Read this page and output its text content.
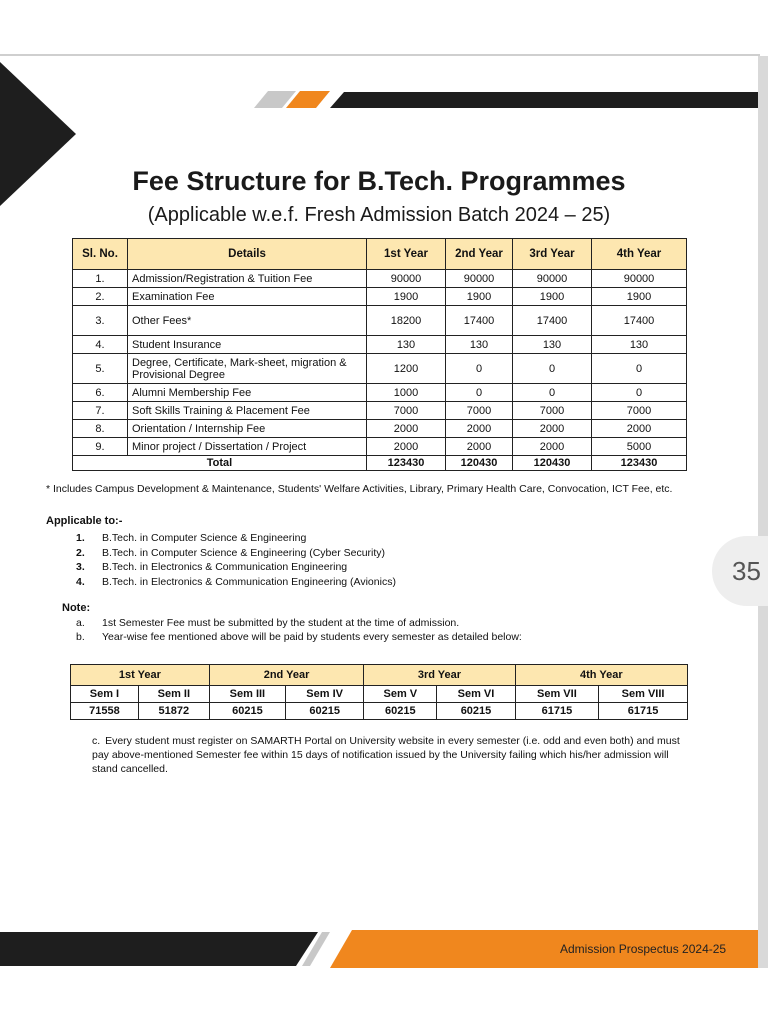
Fee Structure for B.Tech. Programmes
(Applicable w.e.f. Fresh Admission Batch 2024 – 25)
Sl. No.	Details	1st Year	2nd Year	3rd Year	4th Year
1.	Admission/Registration & Tuition Fee	90000	90000	90000	90000
2.	Examination Fee	1900	1900	1900	1900
3.	Other Fees*	18200	17400	17400	17400
4.	Student Insurance	130	130	130	130
5.	Degree, Certificate, Mark-sheet, migration & Provisional Degree	1200	0	0	0
6.	Alumni Membership Fee	1000	0	0	0
7.	Soft Skills Training & Placement Fee	7000	7000	7000	7000
8.	Orientation / Internship Fee	2000	2000	2000	2000
9.	Minor project / Dissertation / Project	2000	2000	2000	5000
Total		123430	120430	120430	123430
* Includes Campus Development & Maintenance, Students' Welfare Activities, Library, Primary Health Care, Convocation, ICT Fee, etc.
Applicable to:-
1. B.Tech. in Computer Science & Engineering
2. B.Tech. in Computer Science & Engineering (Cyber Security)
3. B.Tech. in Electronics & Communication Engineering
4. B.Tech. in Electronics & Communication Engineering (Avionics)
Note:
a. 1st Semester Fee must be submitted by the student at the time of admission.
b. Year-wise fee mentioned above will be paid by students every semester as detailed below:
1st Year		2nd Year		3rd Year		4th Year	
Sem I	Sem II	Sem III	Sem IV	Sem V	Sem VI	Sem VII	Sem VIII
71558	51872	60215	60215	60215	60215	61715	61715
c. Every student must register on SAMARTH Portal on University website in every semester (i.e. odd and even both) and must pay above-mentioned Semester fee within 15 days of notification issued by the University failing which his/her admission will stand cancelled.
35
Admission Prospectus 2024-25
